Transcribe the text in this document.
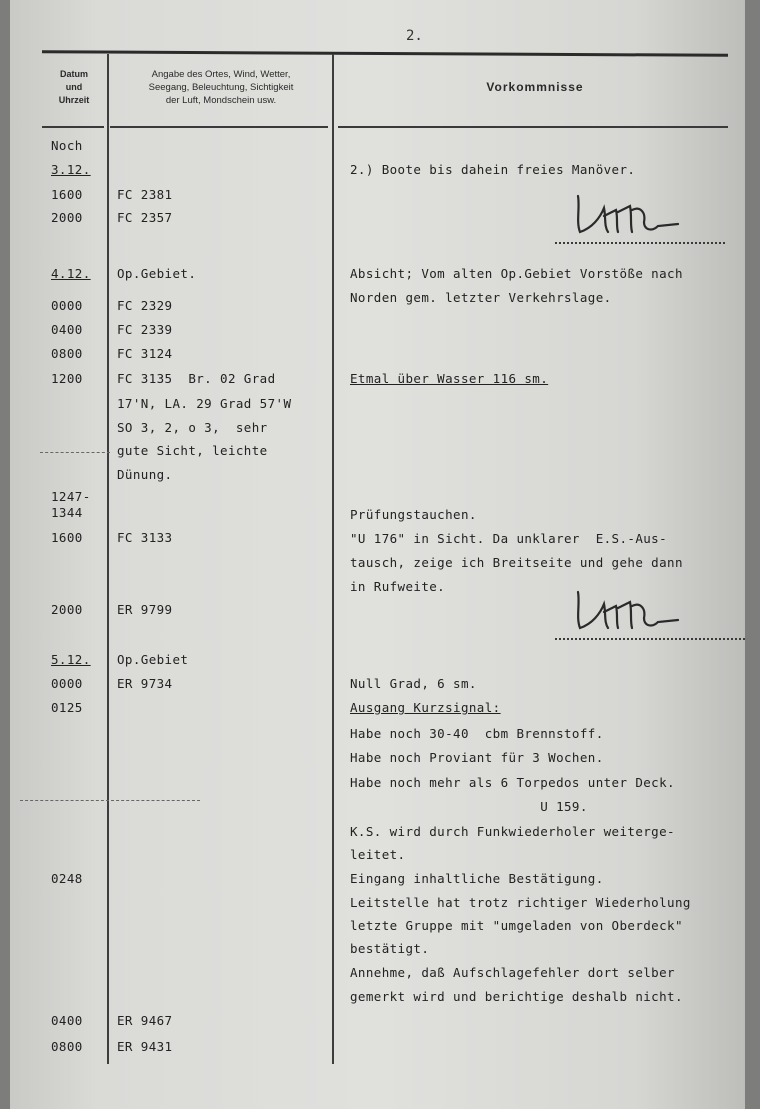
2.
Datum
und
Uhrzeit
Angabe des Ortes, Wind, Wetter,
Seegang, Beleuchtung, Sichtigkeit
der Luft, Mondschein usw.
Vorkommnisse
Noch
3.12.
1600
2000
4.12.
0000
0400
0800
1200
1247-
1344
1600
2000
5.12.
0000
0125
0248
0400
0800
FC 2381
FC 2357
Op.Gebiet.
FC 2329
FC 2339
FC 3124
FC 3135  Br. 02 Grad
17'N, LA. 29 Grad 57'W
SO 3, 2, o 3,  sehr
gute Sicht, leichte
Dünung.
FC 3133
ER 9799
Op.Gebiet
ER 9734
ER 9467
ER 9431
2.) Boote bis dahein freies Manöver.
Absicht; Vom alten Op.Gebiet Vorstöße nach
Norden gem. letzter Verkehrslage.
Etmal über Wasser 116 sm.
Prüfungstauchen.
"U 176" in Sicht. Da unklarer  E.S.-Aus-
tausch, zeige ich Breitseite und gehe dann
in Rufweite.
Null Grad, 6 sm.
Ausgang Kurzsignal:
Habe noch 30-40  cbm Brennstoff.
Habe noch Proviant für 3 Wochen.
Habe noch mehr als 6 Torpedos unter Deck.
U 159.
K.S. wird durch Funkwiederholer weiterge-
leitet.
Eingang inhaltliche Bestätigung.
Leitstelle hat trotz richtiger Wiederholung
letzte Gruppe mit "umgeladen von Oberdeck"
bestätigt.
Annehme, daß Aufschlagefehler dort selber
gemerkt wird und berichtige deshalb nicht.
